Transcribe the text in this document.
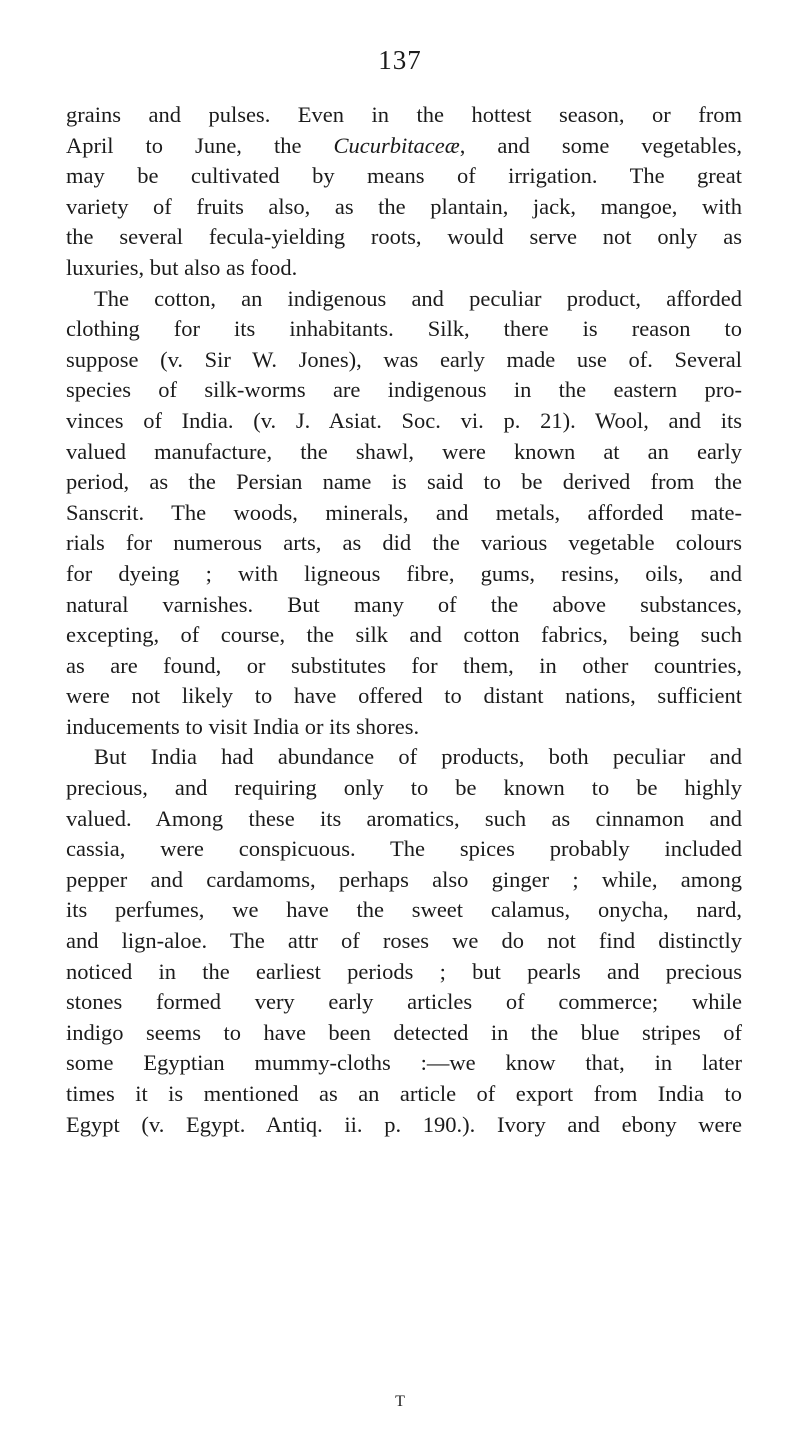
137
grains and pulses. Even in the hottest season, or from
April to June, the Cucurbitaceæ, and some vegetables,
may be cultivated by means of irrigation. The great
variety of fruits also, as the plantain, jack, mangoe, with
the several fecula-yielding roots, would serve not only as
luxuries, but also as food.
The cotton, an indigenous and peculiar product, afforded
clothing for its inhabitants. Silk, there is reason to
suppose (v. Sir W. Jones), was early made use of. Several
species of silk-worms are indigenous in the eastern pro-
vinces of India. (v. J. Asiat. Soc. vi. p. 21). Wool, and its
valued manufacture, the shawl, were known at an early
period, as the Persian name is said to be derived from the
Sanscrit. The woods, minerals, and metals, afforded mate-
rials for numerous arts, as did the various vegetable colours
for dyeing ; with ligneous fibre, gums, resins, oils, and
natural varnishes. But many of the above substances,
excepting, of course, the silk and cotton fabrics, being such
as are found, or substitutes for them, in other countries,
were not likely to have offered to distant nations, sufficient
inducements to visit India or its shores.
But India had abundance of products, both peculiar and
precious, and requiring only to be known to be highly
valued. Among these its aromatics, such as cinnamon and
cassia, were conspicuous. The spices probably included
pepper and cardamoms, perhaps also ginger ; while, among
its perfumes, we have the sweet calamus, onycha, nard,
and lign-aloe. The attr of roses we do not find distinctly
noticed in the earliest periods ; but pearls and precious
stones formed very early articles of commerce; while
indigo seems to have been detected in the blue stripes of
some Egyptian mummy-cloths :—we know that, in later
times it is mentioned as an article of export from India to
Egypt (v. Egypt. Antiq. ii. p. 190.). Ivory and ebony were
T
